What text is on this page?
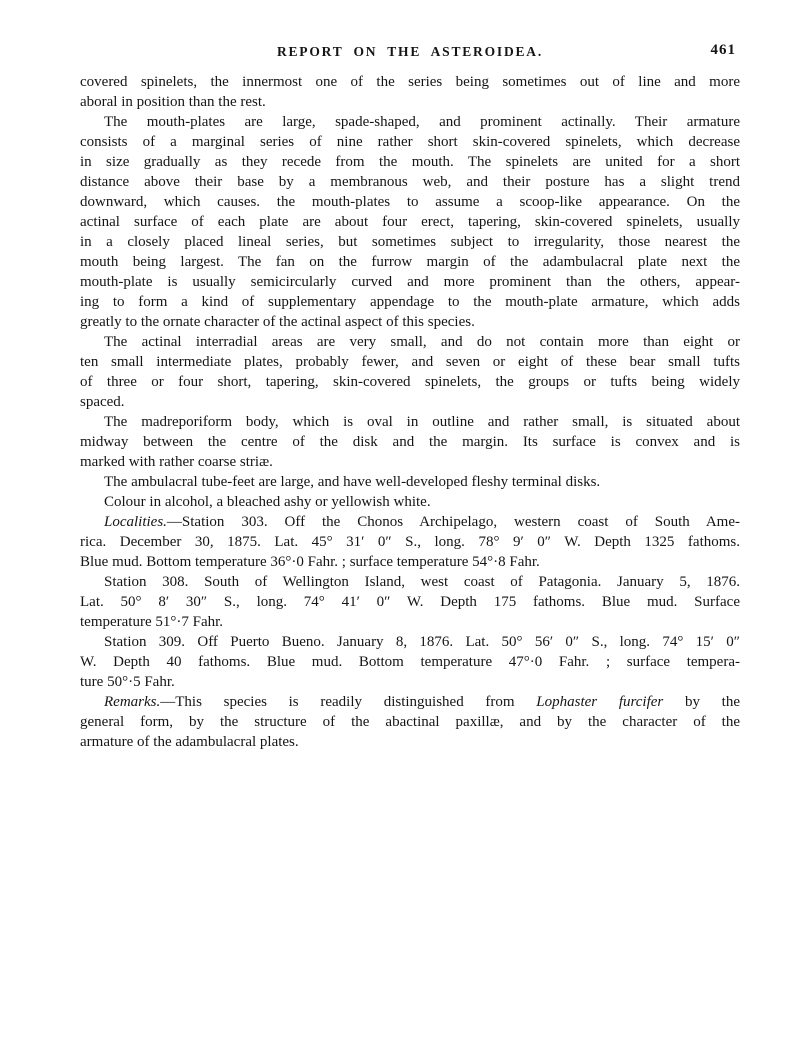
REPORT ON THE ASTEROIDEA.	461
covered spinelets, the innermost one of the series being sometimes out of line and more
aboral in position than the rest.
The mouth-plates are large, spade-shaped, and prominent actinally. Their armature
consists of a marginal series of nine rather short skin-covered spinelets, which decrease
in size gradually as they recede from the mouth. The spinelets are united for a short
distance above their base by a membranous web, and their posture has a slight trend
downward, which causes. the mouth-plates to assume a scoop-like appearance. On the
actinal surface of each plate are about four erect, tapering, skin-covered spinelets, usually
in a closely placed lineal series, but sometimes subject to irregularity, those nearest the
mouth being largest. The fan on the furrow margin of the adambulacral plate next the
mouth-plate is usually semicircularly curved and more prominent than the others, appear-
ing to form a kind of supplementary appendage to the mouth-plate armature, which adds
greatly to the ornate character of the actinal aspect of this species.
The actinal interradial areas are very small, and do not contain more than eight or
ten small intermediate plates, probably fewer, and seven or eight of these bear small tufts
of three or four short, tapering, skin-covered spinelets, the groups or tufts being widely
spaced.
The madreporiform body, which is oval in outline and rather small, is situated about
midway between the centre of the disk and the margin. Its surface is convex and is
marked with rather coarse striæ.
The ambulacral tube-feet are large, and have well-developed fleshy terminal disks.
Colour in alcohol, a bleached ashy or yellowish white.
Localities.—Station 303. Off the Chonos Archipelago, western coast of South Ame-
rica. December 30, 1875. Lat. 45° 31′ 0″ S., long. 78° 9′ 0″ W. Depth 1325 fathoms.
Blue mud. Bottom temperature 36°·0 Fahr. ; surface temperature 54°·8 Fahr.
Station 308. South of Wellington Island, west coast of Patagonia. January 5, 1876.
Lat. 50° 8′ 30″ S., long. 74° 41′ 0″ W. Depth 175 fathoms. Blue mud. Surface
temperature 51°·7 Fahr.
Station 309. Off Puerto Bueno. January 8, 1876. Lat. 50° 56′ 0″ S., long. 74° 15′ 0″
W. Depth 40 fathoms. Blue mud. Bottom temperature 47°·0 Fahr. ; surface tempera-
ture 50°·5 Fahr.
Remarks.—This species is readily distinguished from Lophaster furcifer by the
general form, by the structure of the abactinal paxillæ, and by the character of the
armature of the adambulacral plates.
